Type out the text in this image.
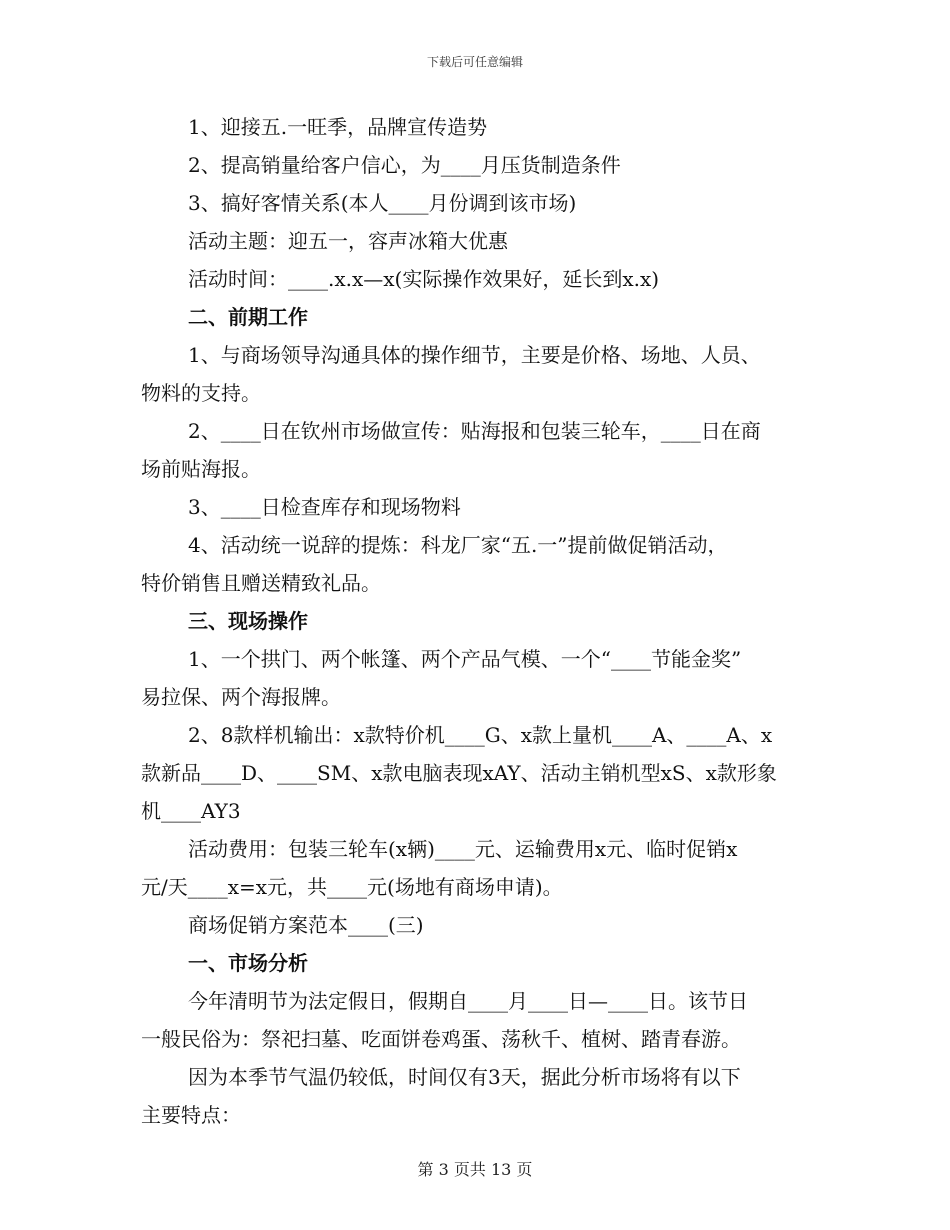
下载后可任意编辑

1、迎接五.一旺季，品牌宣传造势

2、提高销量给客户信心，为____月压货制造条件

3、搞好客情关系(本人____月份调到该市场)

活动主题：迎五一，容声冰箱大优惠

活动时间：____.x.x—x(实际操作效果好，延长到x.x)

二、前期工作

1、与商场领导沟通具体的操作细节，主要是价格、场地、人员、

物料的支持。

2、____日在钦州市场做宣传：贴海报和包装三轮车，____日在商

场前贴海报。

3、____日检查库存和现场物料

4、活动统一说辞的提炼：科龙厂家“五.一”提前做促销活动，

特价销售且赠送精致礼品。

三、现场操作

1、一个拱门、两个帐篷、两个产品气模、一个“____节能金奖”

易拉保、两个海报牌。

2、8款样机输出：x款特价机____G、x款上量机____A、____A、x

款新品____D、____SM、x款电脑表现xAY、活动主销机型xS、x款形象

机____AY3

活动费用：包装三轮车(x辆)____元、运输费用x元、临时促销x

元/天____x=x元，共____元(场地有商场申请)。

商场促销方案范本____(三)

一、市场分析

今年清明节为法定假日，假期自____月____日—____日。该节日

一般民俗为：祭祀扫墓、吃面饼卷鸡蛋、荡秋千、植树、踏青春游。

因为本季节气温仍较低，时间仅有3天，据此分析市场将有以下

主要特点：

第 3 页共 13 页
